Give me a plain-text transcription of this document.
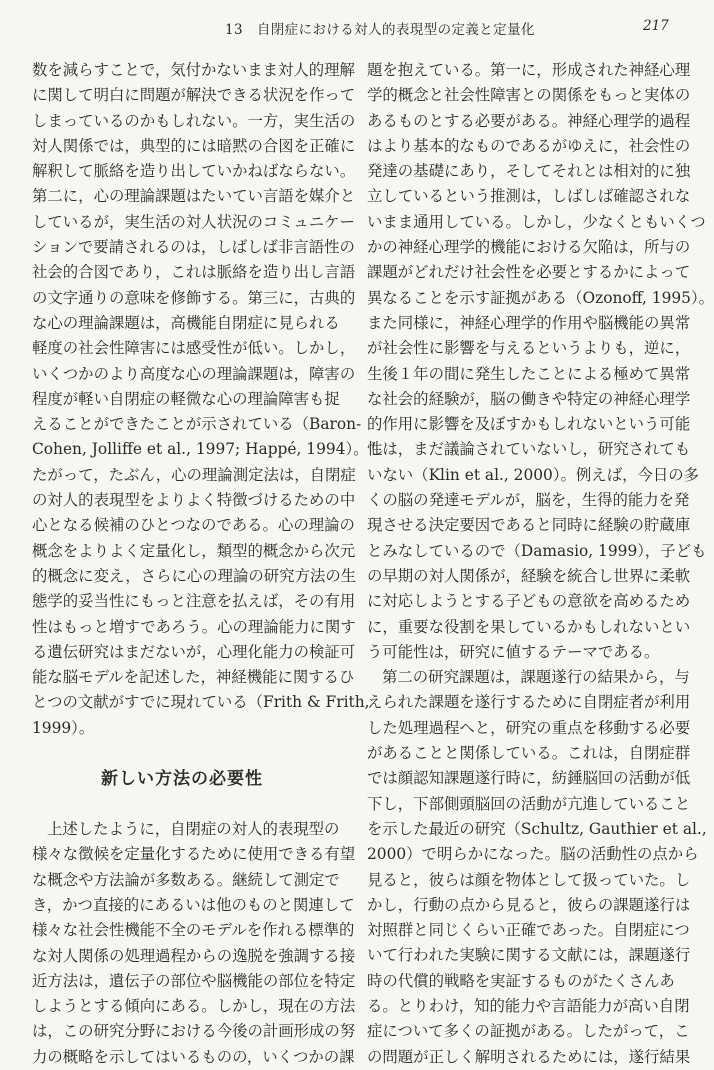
13　自閉症における対人的表現型の定義と定量化	217
数を減らすことで，気付かないまま対人的理解
に関して明白に問題が解決できる状況を作って
しまっているのかもしれない。一方，実生活の
対人関係では，典型的には暗黙の合図を正確に
解釈して脈絡を造り出していかねばならない。
第二に，心の理論課題はたいてい言語を媒介と
しているが，実生活の対人状況のコミュニケー
ションで要請されるのは，しばしば非言語性の
社会的合図であり，これは脈絡を造り出し言語
の文字通りの意味を修飾する。第三に，古典的
な心の理論課題は，高機能自閉症に見られる
軽度の社会性障害には感受性が低い。しかし，
いくつかのより高度な心の理論課題は，障害の
程度が軽い自閉症の軽微な心の理論障害も捉
えることができたことが示されている（Baron-
Cohen, Jolliffe et al., 1997; Happé, 1994）。し
たがって，たぶん，心の理論測定法は，自閉症
の対人的表現型をよりよく特徴づけるための中
心となる候補のひとつなのである。心の理論の
概念をよりよく定量化し，類型的概念から次元
的概念に変え，さらに心の理論の研究方法の生
態学的妥当性にもっと注意を払えば，その有用
性はもっと増すであろう。心の理論能力に関す
る遺伝研究はまだないが，心理化能力の検証可
能な脳モデルを記述した，神経機能に関するひ
とつの文献がすでに現れている（Frith & Frith,
1999）。
新しい方法の必要性
上述したように，自閉症の対人的表現型の
様々な徴候を定量化するために使用できる有望
な概念や方法論が多数ある。継続して測定で
き，かつ直接的にあるいは他のものと関連して
様々な社会性機能不全のモデルを作れる標準的
な対人関係の処理過程からの逸脱を強調する接
近方法は，遺伝子の部位や脳機能の部位を特定
しようとする傾向にある。しかし，現在の方法
は，この研究分野における今後の計画形成の努
力の概略を示してはいるものの，いくつかの課
題を抱えている。第一に，形成された神経心理
学的概念と社会性障害との関係をもっと実体の
あるものとする必要がある。神経心理学的過程
はより基本的なものであるがゆえに，社会性の
発達の基礎にあり，そしてそれとは相対的に独
立しているという推測は，しばしば確認されな
いまま通用している。しかし，少なくともいくつ
かの神経心理学的機能における欠陥は，所与の
課題がどれだけ社会性を必要とするかによって
異なることを示す証拠がある（Ozonoff, 1995）。
また同様に，神経心理学的作用や脳機能の異常
が社会性に影響を与えるというよりも，逆に，
生後１年の間に発生したことによる極めて異常
な社会的経験が，脳の働きや特定の神経心理学
的作用に影響を及ぼすかもしれないという可能
性は，まだ議論されていないし，研究されても
いない（Klin et al., 2000）。例えば，今日の多
くの脳の発達モデルが，脳を，生得的能力を発
現させる決定要因であると同時に経験の貯蔵庫
とみなしているので（Damasio, 1999），子ども
の早期の対人関係が，経験を統合し世界に柔軟
に対応しようとする子どもの意欲を高めるため
に，重要な役割を果しているかもしれないとい
う可能性は，研究に値するテーマである。
第二の研究課題は，課題遂行の結果から，与
えられた課題を遂行するために自閉症者が利用
した処理過程へと，研究の重点を移動する必要
があることと関係している。これは，自閉症群
では顔認知課題遂行時に，紡錘脳回の活動が低
下し，下部側頭脳回の活動が亢進していること
を示した最近の研究（Schultz, Gauthier et al.,
2000）で明らかになった。脳の活動性の点から
見ると，彼らは顔を物体として扱っていた。し
かし，行動の点から見ると，彼らの課題遂行は
対照群と同じくらい正確であった。自閉症につ
いて行われた実験に関する文献には，課題遂行
時の代償的戦略を実証するものがたくさんあ
る。とりわけ，知的能力や言語能力が高い自閉
症について多くの証拠がある。したがって，こ
の問題が正しく解明されるためには，遂行結果
